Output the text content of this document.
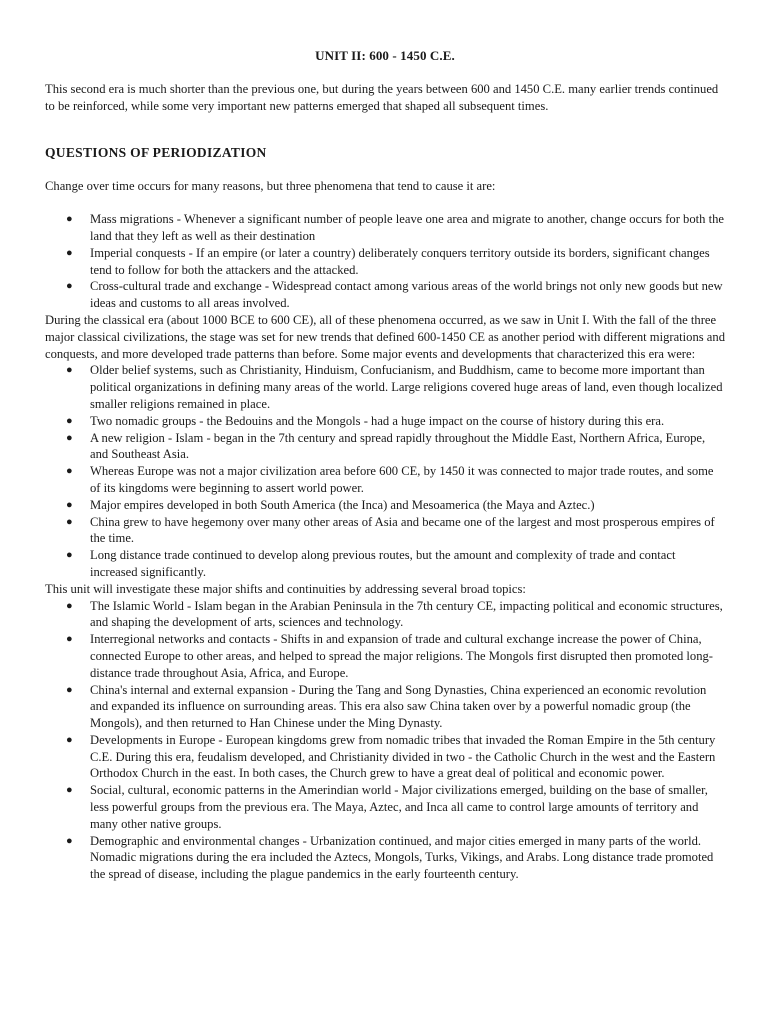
UNIT II: 600 - 1450 C.E.

This second era is much shorter than the previous one, but during the years between 600 and 1450 C.E. many earlier trends continued to be reinforced, while some very important new patterns emerged that shaped all subsequent times.

QUESTIONS OF PERIODIZATION

Change over time occurs for many reasons, but three phenomena that tend to cause it are:

● Mass migrations - Whenever a significant number of people leave one area and migrate to another, change occurs for both the land that they left as well as their destination
● Imperial conquests - If an empire (or later a country) deliberately conquers territory outside its borders, significant changes tend to follow for both the attackers and the attacked.
● Cross-cultural trade and exchange - Widespread contact among various areas of the world brings not only new goods but new ideas and customs to all areas involved.

During the classical era (about 1000 BCE to 600 CE), all of these phenomena occurred, as we saw in Unit I. With the fall of the three major classical civilizations, the stage was set for new trends that defined 600-1450 CE as another period with different migrations and conquests, and more developed trade patterns than before. Some major events and developments that characterized this era were:

● Older belief systems, such as Christianity, Hinduism, Confucianism, and Buddhism, came to become more important than political organizations in defining many areas of the world. Large religions covered huge areas of land, even though localized smaller religions remained in place.
● Two nomadic groups - the Bedouins and the Mongols - had a huge impact on the course of history during this era.
● A new religion - Islam - began in the 7th century and spread rapidly throughout the Middle East, Northern Africa, Europe, and Southeast Asia.
● Whereas Europe was not a major civilization area before 600 CE, by 1450 it was connected to major trade routes, and some of its kingdoms were beginning to assert world power.
● Major empires developed in both South America (the Inca) and Mesoamerica (the Maya and Aztec.)
● China grew to have hegemony over many other areas of Asia and became one of the largest and most prosperous empires of the time.
● Long distance trade continued to develop along previous routes, but the amount and complexity of trade and contact increased significantly.

This unit will investigate these major shifts and continuities by addressing several broad topics:

● The Islamic World - Islam began in the Arabian Peninsula in the 7th century CE, impacting political and economic structures, and shaping the development of arts, sciences and technology.
● Interregional networks and contacts - Shifts in and expansion of trade and cultural exchange increase the power of China, connected Europe to other areas, and helped to spread the major religions. The Mongols first disrupted then promoted long-distance trade throughout Asia, Africa, and Europe.
● China's internal and external expansion - During the Tang and Song Dynasties, China experienced an economic revolution and expanded its influence on surrounding areas. This era also saw China taken over by a powerful nomadic group (the Mongols), and then returned to Han Chinese under the Ming Dynasty.
● Developments in Europe - European kingdoms grew from nomadic tribes that invaded the Roman Empire in the 5th century C.E. During this era, feudalism developed, and Christianity divided in two - the Catholic Church in the west and the Eastern Orthodox Church in the east. In both cases, the Church grew to have a great deal of political and economic power.
● Social, cultural, economic patterns in the Amerindian world - Major civilizations emerged, building on the base of smaller, less powerful groups from the previous era. The Maya, Aztec, and Inca all came to control large amounts of territory and many other native groups.
● Demographic and environmental changes - Urbanization continued, and major cities emerged in many parts of the world. Nomadic migrations during the era included the Aztecs, Mongols, Turks, Vikings, and Arabs. Long distance trade promoted the spread of disease, including the plague pandemics in the early fourteenth century.
